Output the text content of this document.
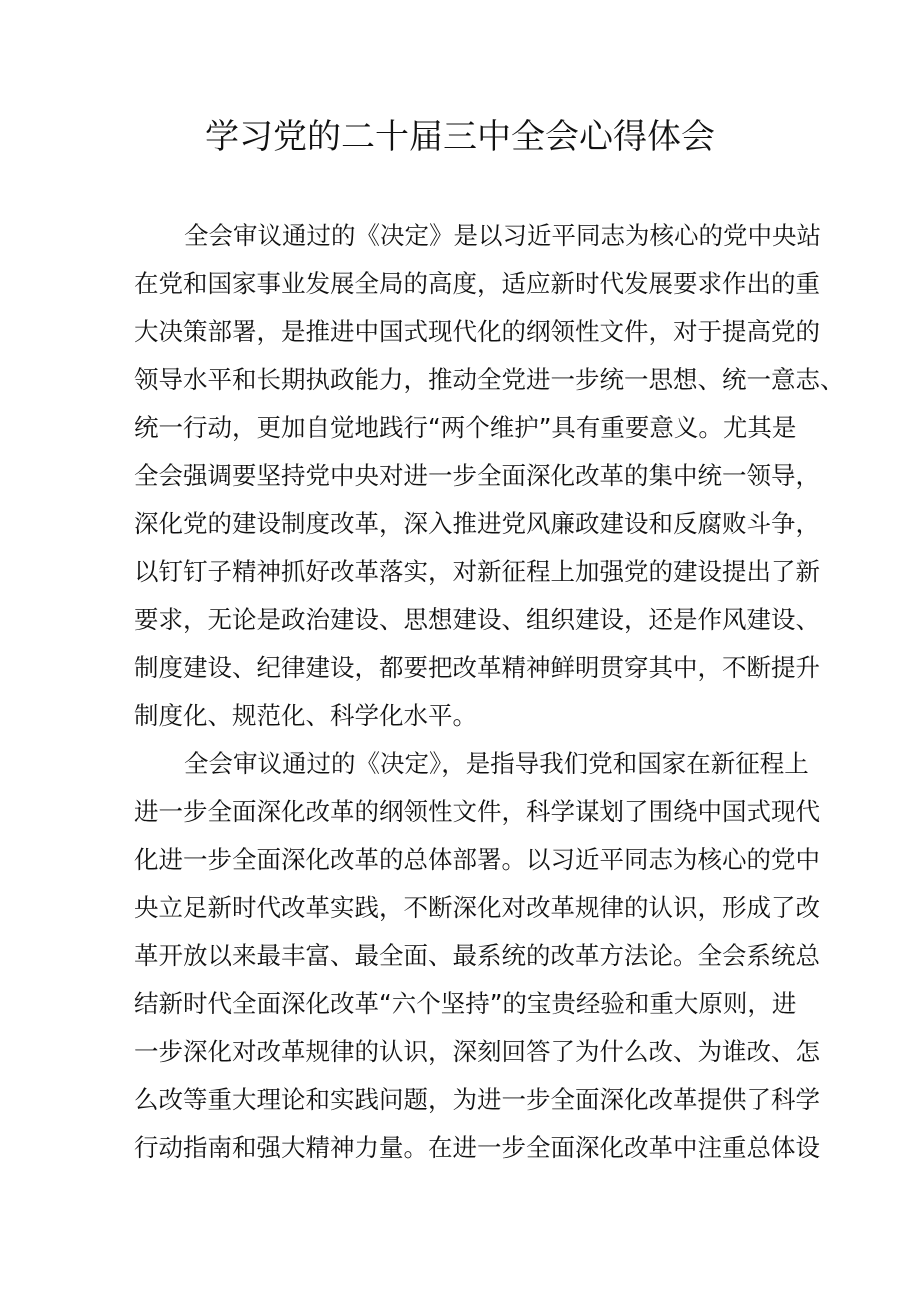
学习党的二十届三中全会心得体会
全会审议通过的《决定》是以习近平同志为核心的党中央站
在党和国家事业发展全局的高度，适应新时代发展要求作出的重
大决策部署，是推进中国式现代化的纲领性文件，对于提高党的
领导水平和长期执政能力，推动全党进一步统一思想、统一意志、
统一行动，更加自觉地践行“两个维护”具有重要意义。尤其是
全会强调要坚持党中央对进一步全面深化改革的集中统一领导，
深化党的建设制度改革，深入推进党风廉政建设和反腐败斗争，
以钉钉子精神抓好改革落实，对新征程上加强党的建设提出了新
要求，无论是政治建设、思想建设、组织建设，还是作风建设、
制度建设、纪律建设，都要把改革精神鲜明贯穿其中，不断提升
制度化、规范化、科学化水平。
全会审议通过的《决定》，是指导我们党和国家在新征程上
进一步全面深化改革的纲领性文件，科学谋划了围绕中国式现代
化进一步全面深化改革的总体部署。以习近平同志为核心的党中
央立足新时代改革实践，不断深化对改革规律的认识，形成了改
革开放以来最丰富、最全面、最系统的改革方法论。全会系统总
结新时代全面深化改革“六个坚持”的宝贵经验和重大原则，进
一步深化对改革规律的认识，深刻回答了为什么改、为谁改、怎
么改等重大理论和实践问题，为进一步全面深化改革提供了科学
行动指南和强大精神力量。在进一步全面深化改革中注重总体设
